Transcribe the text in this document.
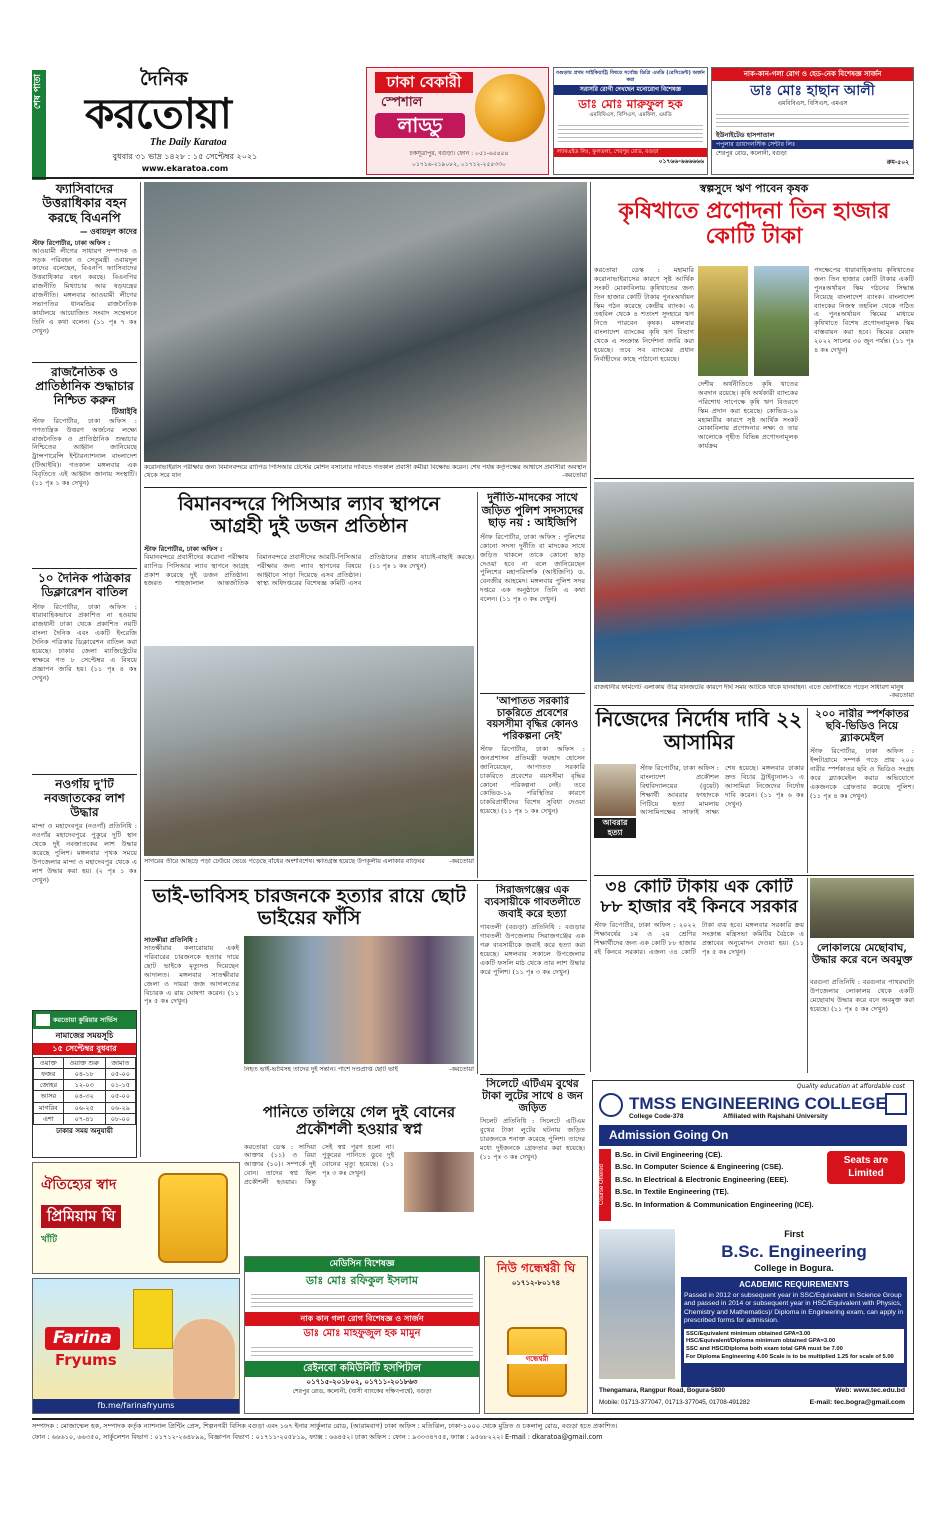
শেষ পাতা	দৈনিক
করতোয়া
The Daily Karatoa
বুধবার ৩১ ভাদ্র ১৪২৮ : ১৫ সেপ্টেম্বর ২০২১
www.ekaratoa.com
ঢাকা বেকারী
স্পেশাল
লাড্ডু
চকসূত্রাপুর, বগুড়া। ফোন : ০৫১-৬৫৪৫৪
০১৭১৬-২১৯০৮২, ০১৭১২-২৫৫৩৩০
বগুড়ায় প্রথম সাইকিয়াট্রি বিষয়ে সর্বোচ্চ ডিগ্রি এমডি (রেসিডেন্ট) অর্জন করা
সরাসরি রোগী দেখছেন মনোরোগ বিশেষজ্ঞ
ডাঃ মোঃ মারুফুল হক
এমবিবিএস, বিসিএস, এমফিল, এমডি
ল্যাবএইড লিঃ, ফুলতলা, শেরপুর রোড, বগুড়া
০১৭৬৬-৬৬৬৬৬৬
নাক-কান-গলা রোগ ও হেড-নেক বিশেষজ্ঞ সার্জন
ডাঃ মোঃ হাছান আলী
এমবিবিএস, বিসিএস, এমএস
ইউনাইটেড হাসপাতাল
পপুলার ডায়াগনস্টিক সেন্টার লিঃ
শেরপুর রোড, কলোনী, বগুড়া
রুম-৫০২
ফ্যাসিবাদের উত্তরাধিকার বহন করছে বিএনপি
— ওবায়দুল কাদের
স্টাফ রিপোর্টার, ঢাকা অফিস :
আওয়ামী লীগের সাধারণ সম্পাদক ও সড়ক পরিবহন ও সেতুমন্ত্রী ওবায়দুল কাদের বলেছেন, বিএনপি ফ্যাসিবাদের উত্তরাধিকার বহন করছে। বিএনপির রাজনীতি মিথ্যাচার আর ষড়যন্ত্রের রাজনীতি। মঙ্গলবার আওয়ামী লীগের সভাপতির ধানমন্ডির রাজনৈতিক কার্যালয়ে আয়োজিত সংবাদ সম্মেলনে তিনি এ কথা বলেন। (১১ পৃঃ ৭ কঃ দেখুন)
রাজনৈতিক ও প্রাতিষ্ঠানিক শুদ্ধাচার নিশ্চিত করুন
টিআইবি
স্টাফ রিপোর্টার, ঢাকা অফিস : গণতান্ত্রিক উত্তরণ অর্জনের লক্ষ্যে রাজনৈতিক ও প্রাতিষ্ঠানিক শুদ্ধাচার নিশ্চিতের আহ্বান জানিয়েছে ট্রান্সপারেন্সি ইন্টারন্যাশনাল বাংলাদেশ (টিআইবি)। গতকাল মঙ্গলবার এক বিবৃতিতে এই আহ্বান জানায় সংস্থাটি। (১১ পৃঃ ১ কঃ দেখুন)
১০ দৈনিক পত্রিকার ডিক্লারেশন বাতিল
স্টাফ রিপোর্টার, ঢাকা অফিস : ধারাবাহিকভাবে প্রকাশিত না হওয়ায় রাজধানী ঢাকা থেকে প্রকাশিত নয়টি বাংলা দৈনিক এবং একটি ইংরেজি দৈনিক পত্রিকার ডিক্লারেশন বাতিল করা হয়েছে। ঢাকার জেলা ম্যাজিস্ট্রেটের স্বাক্ষরে গত ৮ সেপ্টেম্বর এ বিষয়ে প্রজ্ঞাপন জারি হয়। (১১ পৃঃ ৪ কঃ দেখুন)
নওগাঁয় দু'টি নবজাতকের লাশ উদ্ধার
মান্দা ও মহাদেবপুর (নওগাঁ) প্রতিনিধি : নওগাঁর মহাদেবপুরে পুকুরে দুটি স্থান থেকে দুই নবজাতকের লাশ উদ্ধার করেছে পুলিশ। মঙ্গলবার পৃথক সময়ে উপজেলার মান্দা ও মহাদেবপুর থেকে এ লাশ উদ্ধার করা হয়। (২ পৃঃ ১ কঃ দেখুন)
করতোয়া কুরিয়ার সার্ভিস
নামাজের সময়সূচি
১৫ সেপ্টেম্বর বুধবার
ওয়াক্ত	ওয়াক্ত শুরু	জামাত
ফজর	০৪-১৮	০৫-০০
জোহর	১২-০৩	০১-১৫
আসর	০৪-৩২	০৫-০০
মাগরিব	০৬-২৫	০৬-২৯
এশা	০৭-৪১	০৮-০০
ঢাকার সময় অনুযায়ী
ঐতিহ্যের স্বাদ
প্রিমিয়াম ঘি
খাঁটি
Farina
Fryums
fb.me/farinafryums
করোনাভাইরাস পরীক্ষার জন্য বিমানবন্দরে র‍্যাপিড পিসিআর টেস্টের মেশিন বসানোর দাবিতে গতকাল প্রবাসী কর্মীরা বিক্ষোভ করেন। শেষ পর্যন্ত কর্তৃপক্ষের আশ্বাসে প্রবাসীরা অবস্থান থেকে সরে যান	-করতোয়া
বিমানবন্দরে পিসিআর ল্যাব স্থাপনে আগ্রহী দুই ডজন প্রতিষ্ঠান
স্টাফ রিপোর্টার, ঢাকা অফিস :
বিমানবন্দরে প্রবাসীদের করোনা পরীক্ষায় র‍্যাপিড পিসিআর ল্যাব স্থাপনে আগ্রহ প্রকাশ করেছে দুই ডজন প্রতিষ্ঠান। হজরত শাহজালাল আন্তর্জাতিক বিমানবন্দরে প্রবাসীদের আরটি-পিসিআর পরীক্ষার জন্য ল্যাব স্থাপনের বিষয়ে আহ্বানে সাড়া দিয়েছে এসব প্রতিষ্ঠান। স্বাস্থ্য অধিদপ্তরের বিশেষজ্ঞ কমিটি এসব প্রতিষ্ঠানের প্রস্তাব যাচাই-বাছাই করছে। (১১ পৃঃ ১ কঃ দেখুন)
সাগরের তীরে আছড়ে পড়া ঢেউয়ে ভেঙে পড়েছে বাঁধের অংশবিশেষ। ক্ষতিগ্রস্ত হয়েছে উপকূলীয় এলাকার বাড়িঘর	-করতোয়া
দুর্নীতি-মাদকের সাথে জড়িত পুলিশ সদস্যদের ছাড় নয় : আইজিপি
স্টাফ রিপোর্টার, ঢাকা অফিস : পুলিশের কোনো সদস্য দুর্নীতি বা মাদকের সাথে জড়িত থাকলে তাকে কোনো ছাড় দেওয়া হবে না বলে জানিয়েছেন পুলিশের মহাপরিদর্শক (আইজিপি) ড. বেনজীর আহমেদ। মঙ্গলবার পুলিশ সদর দপ্তরে এক অনুষ্ঠানে তিনি এ কথা বলেন। (১১ পৃঃ ৩ কঃ দেখুন)
'আপাতত সরকারি চাকরিতে প্রবেশের বয়সসীমা বৃদ্ধির কোনও পরিকল্পনা নেই'
স্টাফ রিপোর্টার, ঢাকা অফিস : জনপ্রশাসন প্রতিমন্ত্রী ফরহাদ হোসেন জানিয়েছেন, আপাতত সরকারি চাকরিতে প্রবেশের বয়সসীমা বৃদ্ধির কোনো পরিকল্পনা নেই। তবে কোভিড-১৯ পরিস্থিতির কারণে চাকরিপ্রার্থীদের বিশেষ সুবিধা দেওয়া হয়েছে। (১১ পৃঃ ১ কঃ দেখুন)
ভাই-ভাবিসহ চারজনকে হত্যার রায়ে ছোট ভাইয়ের ফাঁসি
সাতক্ষীরা প্রতিনিধি :
সাতক্ষীরার কলারোয়ায় একই পরিবারের চারজনকে হত্যার দায়ে ছোট ভাইকে মৃত্যুদণ্ড দিয়েছেন আদালত। মঙ্গলবার সাতক্ষীরার জেলা ও দায়রা জজ আদালতের বিচারক এ রায় ঘোষণা করেন। (১১ পৃঃ ৫ কঃ দেখুন)
নিহত ভাই-ভাবিসহ তাদের দুই সন্তান। পাশে দণ্ডপ্রাপ্ত ছোট ভাই	-করতোয়া
সিরাজগঞ্জের এক ব্যবসায়ীকে গাবতলীতে জবাই করে হত্যা
গাবতলী (বগুড়া) প্রতিনিধি : বগুড়ার গাবতলী উপজেলায় সিরাজগঞ্জের এক গরু ব্যবসায়ীকে জবাই করে হত্যা করা হয়েছে। মঙ্গলবার সকালে উপজেলার একটি ফসলি মাঠ থেকে তার লাশ উদ্ধার করে পুলিশ। (১১ পৃঃ ৩ কঃ দেখুন)
পানিতে তলিয়ে গেল দুই বোনের প্রকৌশলী হওয়ার স্বপ্ন
করতোয়া ডেস্ক : সাদিয়া আক্তার (১১) ও রিয়া আক্তার (১০)। সম্পর্কে দুই বোন। তাদের স্বপ্ন ছিল প্রকৌশলী হওয়ার। কিন্তু সেই স্বপ্ন পূরণ হলো না। পুকুরের পানিতে ডুবে দুই বোনের মৃত্যু হয়েছে। (১১ পৃঃ ৩ কঃ দেখুন)
সিলেটে এটিএম বুথের টাকা লুটের সাথে ৪ জন জড়িত
সিলেট প্রতিনিধি : সিলেটে এটিএম বুথের টাকা লুটের ঘটনায় জড়িত চারজনকে শনাক্ত করেছে পুলিশ। তাদের মধ্যে দুইজনকে গ্রেফতার করা হয়েছে। (১১ পৃঃ ৩ কঃ দেখুন)
মেডিসিন বিশেষজ্ঞ
ডাঃ মোঃ রফিকুল ইসলাম
নাক কান গলা রোগ বিশেষজ্ঞ ও সার্জন
ডাঃ মোঃ মাহফুজুল হক মামুন
রেইনবো কমিউনিটি হসপিটাল
০১৭১৫-২০১৮০২, ০১৭১১-২০১৮৬৩
শেরপুর রোড, কলোনী, (ঘাসী ব্যাংকের দক্ষিণপার্শ্বে), বগুড়া
নিউ গন্ধেশ্বরী ঘি
০১৭১২-৮০১৭৪
গন্ধেশ্বরী
স্বল্পসুদে ঋণ পাবেন কৃষক
কৃষিখাতে প্রণোদনা তিন হাজার কোটি টাকা
করতোয়া ডেস্ক : মহামারি করোনাভাইরাসের কারণে সৃষ্ট আর্থিক সংকট মোকাবিলায় কৃষিখাতের জন্য তিন হাজার কোটি টাকার পুনঃঅর্থায়ন স্কিম গঠন করেছে কেন্দ্রীয় ব্যাংক। এ তহবিল থেকে ৪ শতাংশ সুদহারে ঋণ নিতে পারবেন কৃষক। মঙ্গলবার বাংলাদেশ ব্যাংকের কৃষি ঋণ বিভাগ থেকে এ সংক্রান্ত নির্দেশনা জারি করা হয়েছে। তবে সব ব্যাংকের প্রধান নির্বাহীদের কাছে পাঠানো হয়েছে।
দেশীয় অর্থনীতিতে কৃষি খাতের অবদান রয়েছে। কৃষি অর্থকারী ব্যাংকের পরিশোধ সাপেক্ষে কৃষি ঋণ বিতরণে স্কিম প্রদান করা হয়েছে। কোভিড-১৯ মহামারীর কারণে সৃষ্ট আর্থিক সংকট মোকাবিলায় প্রণোদনার লক্ষ্য ও তার আলোকে গৃহীত বিভিন্ন প্রণোদনামূলক কার্যক্রম
পদক্ষেপের ধারাবাহিকতায় কৃষিখাতের জন্য তিন হাজার কোটি টাকার একটি পুনঃঅর্থায়ন স্কিম গঠনের সিদ্ধান্ত নিয়েছে বাংলাদেশ ব্যাংক। বাংলাদেশ ব্যাংকের নিজস্ব তহবিল থেকে গঠিত এ পুনঃঅর্থায়ন স্কিমের মাধ্যমে কৃষিখাতে বিশেষ প্রণোদনামূলক স্কিম বাস্তবায়ন করা হবে। স্কিমের মেয়াদ ২০২২ সালের ৩০ জুন পর্যন্ত। (১১ পৃঃ ৪ কঃ দেখুন)
রাজধানীর ফার্মগেট এলাকায় তীব্র যানজটের কারণে দীর্ঘ সময় আটকে থাকে যানবাহন। এতে ভোগান্তিতে পড়েন সাধারণ মানুষ
-করতোয়া
নিজেদের নির্দোষ দাবি ২২ আসামির
আবরার হত্যা
স্টাফ রিপোর্টার, ঢাকা অফিস : বাংলাদেশ প্রকৌশল বিশ্ববিদ্যালয়ের (বুয়েট) শিক্ষার্থী আবরার ফাহাদকে পিটিয়ে হত্যা মামলায় আসামিপক্ষের সাফাই সাক্ষ্য শেষ হয়েছে। মঙ্গলবার ঢাকার দ্রুত বিচার ট্রাইব্যুনাল-১ এ আসামিরা নিজেদের নির্দোষ দাবি করেন। (১১ পৃঃ ৬ কঃ দেখুন)
২০০ নারীর স্পর্শকাতর ছবি-ভিডিও নিয়ে ব্ল্যাকমেইল
স্টাফ রিপোর্টার, ঢাকা অফিস : ইন্সটাগ্রামে সম্পর্ক গড়ে প্রায় ২০০ নারীর স্পর্শকাতর ছবি ও ভিডিও সংগ্রহ করে ব্ল্যাকমেইল করার অভিযোগে একজনকে গ্রেফতার করেছে পুলিশ। (১১ পৃঃ ৪ কঃ দেখুন)
৩৪ কোটি টাকায় এক কোটি ৮৮ হাজার বই কিনবে সরকার
স্টাফ রিপোর্টার, ঢাকা অফিস : ২০২২ শিক্ষাবর্ষের ১ম ও ২য় শ্রেণির শিক্ষার্থীদের জন্য এক কোটি ৮৮ হাজার বই কিনবে সরকার। এজন্য ৩৪ কোটি টাকা ব্যয় হবে। মঙ্গলবার সরকারি ক্রয় সংক্রান্ত মন্ত্রিসভা কমিটির বৈঠকে এ প্রস্তাবের অনুমোদন দেওয়া হয়। (১১ পৃঃ ৫ কঃ দেখুন)	লোকালয়ে মেছোবাঘ, উদ্ধার করে বনে অবমুক্ত
বরগুনা প্রতিনিধি : বরগুনার পাথরঘাটা উপজেলার লোকালয় থেকে একটি মেছোবাঘ উদ্ধার করে বনে অবমুক্ত করা হয়েছে। (১১ পৃঃ ৫ কঃ দেখুন)
Quality education at affordable cost
TMSS ENGINEERING COLLEGE
College Code-378	Affiliated with Rajshahi University
Admission Going On
Course Offered
B.Sc. in Civil Engineering (CE).
B.Sc. In Computer Science & Engineering (CSE).
B.Sc. In Electrical & Electronic Engineering (EEE).
B.Sc. In Textile Engineering (TE).
B.Sc. In Information & Communication Engineering (ICE).
Seats are Limited
First
B.Sc. Engineering
College in Bogura.
ACADEMIC REQUIREMENTS
Passed in 2012 or subsequent year in SSC/Equivalent in Science Group and passed in 2014 or subsequent year in HSC/Equivalent with Physics, Chemistry and Mathematics)/ Diploma in Engineering exam, can apply in prescribed forms for admission.
SSC/Equivalent minimum obtained GPA=3.00
HSC/Equivalent/Diploma minimum obtained GPA=3.00
SSC and HSC/Diploma both exam total GPA must be 7.00
For Diploma Engineering 4.00 Scale is to be multiplied 1.25 for scale of 5.00
Thengamara, Rangpur Road, Bogura-5800	Web: www.tec.edu.bd
Mobile: 01713-377047, 01713-377045, 01708-491282	E-mail: tec.bogra@gmail.com
সম্পাদক : মোজাম্মেল হক, সম্পাদক কর্তৃক ন্যাশনাল প্রিন্টিং প্রেস, শিল্পনগরী বিসিক বগুড়া এবং ১৬৭ ইনার সার্কুলার রোড, (আরামবাগ) ঢাকা অফিস : মতিঝিল, ঢাকা-১০০০ থেকে মুদ্রিত ও চকলালু রোড, বগুড়া হতে প্রকাশিত।
ফোন : ৬৬৬১০, ৬৬৩৫০, সার্কুলেশন বিভাগ : ০১৭১২-২৬৪৮৯৯, বিজ্ঞাপন বিভাগ : ০১৭১১-২০৫৮১৯, ফ্যাক্স : ৬৬৪৫২। ঢাকা অফিস : ফোন : ৯৩৩৩৪৭৫৫, ফ্যাক্স : ৯৫৬৮২২২। E-mail : dkaratoa@gmail.com
